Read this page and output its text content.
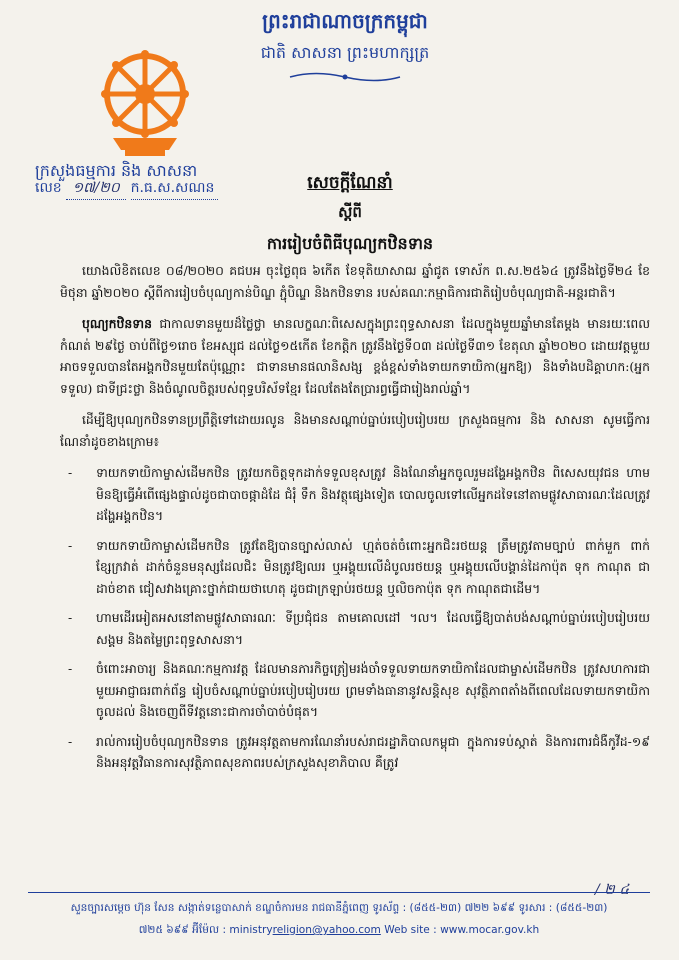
ព្រះរាជាណាចក្រកម្ពុជា
ជាតិ សាសនា ព្រះមហាក្សត្រ
ក្រសួងធម្មការ និង សាសនា
លេខ ១៧/២០ ក.ធ.ស.សណន	សេចក្តីណែនាំ
ស្តីពី
ការរៀបចំពិធីបុណ្យកឋិនទាន

យោងលិខិតលេខ ០៨/២០២០ គជបអ ចុះថ្ងៃពុធ ៦កើត ខែទុតិយាសាឍ ឆ្នាំជូត ទោស័ក ព.ស.២៥៦៤ ត្រូវនឹងថ្ងៃទី២៤ ខែមិថុនា ឆ្នាំ២០២០ ស្តីពីការរៀបចំបុណ្យកាន់បិណ្ឌ ភ្ជុំបិណ្ឌ និងកឋិនទាន របស់គណៈកម្មាធិការជាតិរៀបចំបុណ្យជាតិ-អន្តរជាតិ។

បុណ្យកឋិនទាន ជាកាលទានមួយដ៏ថ្លៃថ្លា មានលក្ខណៈពិសេសក្នុងព្រះពុទ្ធសាសនា ដែលក្នុងមួយឆ្នាំមានតែម្តង មានរយៈពេលកំណត់ ២៩ថ្ងៃ ចាប់ពីថ្ងៃ១រោច ខែអស្សុជ ដល់ថ្ងៃ១៥កើត ខែកត្តិក ត្រូវនឹងថ្ងៃទី០៣ ដល់ថ្ងៃទី៣១ ខែតុលា ឆ្នាំ២០២០ ដោយវត្តមួយអាចទទួលបានតែអង្គកឋិនមួយតែប៉ុណ្ណោះ ជាទានមានផលានិសង្ស ខ្ពង់ខ្ពស់ទាំងទាយកទាយិកា(អ្នកឱ្យ) និងទាំងបដិគ្គាហក:(អ្នកទទួល) ជាទីជ្រះថ្លា និងចំណូលចិត្តរបស់ពុទ្ធបរិស័ទខ្មែរ ដែលតែងតែប្រារព្ធធ្វើជារៀងរាល់ឆ្នាំ។

ដើម្បីឱ្យបុណ្យកឋិនទានប្រព្រឹត្តិទៅដោយរលូន និងមានសណ្តាប់ធ្នាប់របៀបរៀបរយ ក្រសួងធម្មការ និង សាសនា សូមធ្វើការណែនាំដូចខាងក្រោម៖

- ទាយកទាយិកាម្ចាស់ដើមកឋិន ត្រូវយកចិត្តទុកដាក់ទទួលខុសត្រូវ និងណែនាំអ្នកចូលរួមដង្ហែអង្គកឋិន ពិសេសយុវជន ហាមមិនឱ្យធ្វើអំពើផ្សេងផ្ទាល់ដូចជាបាចផ្កាដំដែ ជំរុំ ទឹក និងវត្ថុផ្សេងទៀត បោលចូលទៅលើអ្នកដទៃនៅតាមផ្លូវសាធារណៈដែលត្រូវដង្ហែអង្គកឋិន។
- ទាយកទាយិកាម្ចាស់ដើមកឋិន ត្រូវតែឱ្យបានច្បាស់លាស់ ហ្មត់ចត់ចំពោះអ្នកជិះរថយន្ត ត្រឹមត្រូវតាមច្បាប់ ពាក់មួក ពាក់ខ្សែក្រវាត់ ដាក់ចំនួនមនុស្សដែលជិះ មិនត្រូវឱ្យឈរ ឬអង្គុយលើដំបូលរថយន្ត ឬអង្គុយលើបង្គាន់ដៃកាប៉ុត ទុក កាណុត ជាដាច់ខាត ជៀសវាងគ្រោះថ្នាក់ជាយថាហេតុ ដូចជាក្រឡាប់រថយន្ត ឬលិចកាប៉ុត ទុក កាណុតជាដើម។
- ហាមដើរអៀតអសនៅតាមផ្លូវសាធារណៈ ទីប្រជុំជន តាមគោលដៅ ។ល។ ដែលធ្វើឱ្យបាត់បង់សណ្តាប់ធ្នាប់របៀបរៀបរយសង្គម និងតម្លៃព្រះពុទ្ធសាសនា។
- ចំពោះអាចារ្យ និងគណៈកម្មការវត្ត ដែលមានភារកិច្ចត្រៀមរង់ចាំទទួលទាយកទាយិកាដែលជាម្ចាស់ដើមកឋិន ត្រូវសហការជាមួយអាជ្ញាធរពាក់ព័ន្ធ រៀបចំសណ្តាប់ធ្នាប់របៀបរៀបរយ ព្រមទាំងធានានូវសន្តិសុខ សុវត្ថិភាពតាំងពីពេលដែលទាយកទាយិកាចូលដល់ និងចេញពីទីវត្តនោះជាការចាំបាច់បំផុត។
- រាល់ការរៀបចំបុណ្យកឋិនទាន ត្រូវអនុវត្តតាមការណែនាំរបស់រាជរដ្ឋាភិបាលកម្ពុជា ក្នុងការទប់ស្កាត់ និងការពារជំងឺកូវីដ-១៩ និងអនុវត្តវិធានការសុវត្ថិភាពសុខភាពរបស់ក្រសួងសុខាភិបាល គឺត្រូវ
/ ២ ៤
សួនច្បារសម្តេច ហ៊ុន សែន សង្កាត់ទន្លេបាសាក់ ខណ្ឌចំការមន រាជធានីភ្នំពេញ ទូរស័ព្ទ : (៨៥៥-២៣) ៧២២ ៦៩៩ ទូរសារ : (៨៥៥-២៣)
៧២៥ ៦៩៩ អ៊ីម៉ែល : ministryreligion@yahoo.com Web site : www.mocar.gov.kh
